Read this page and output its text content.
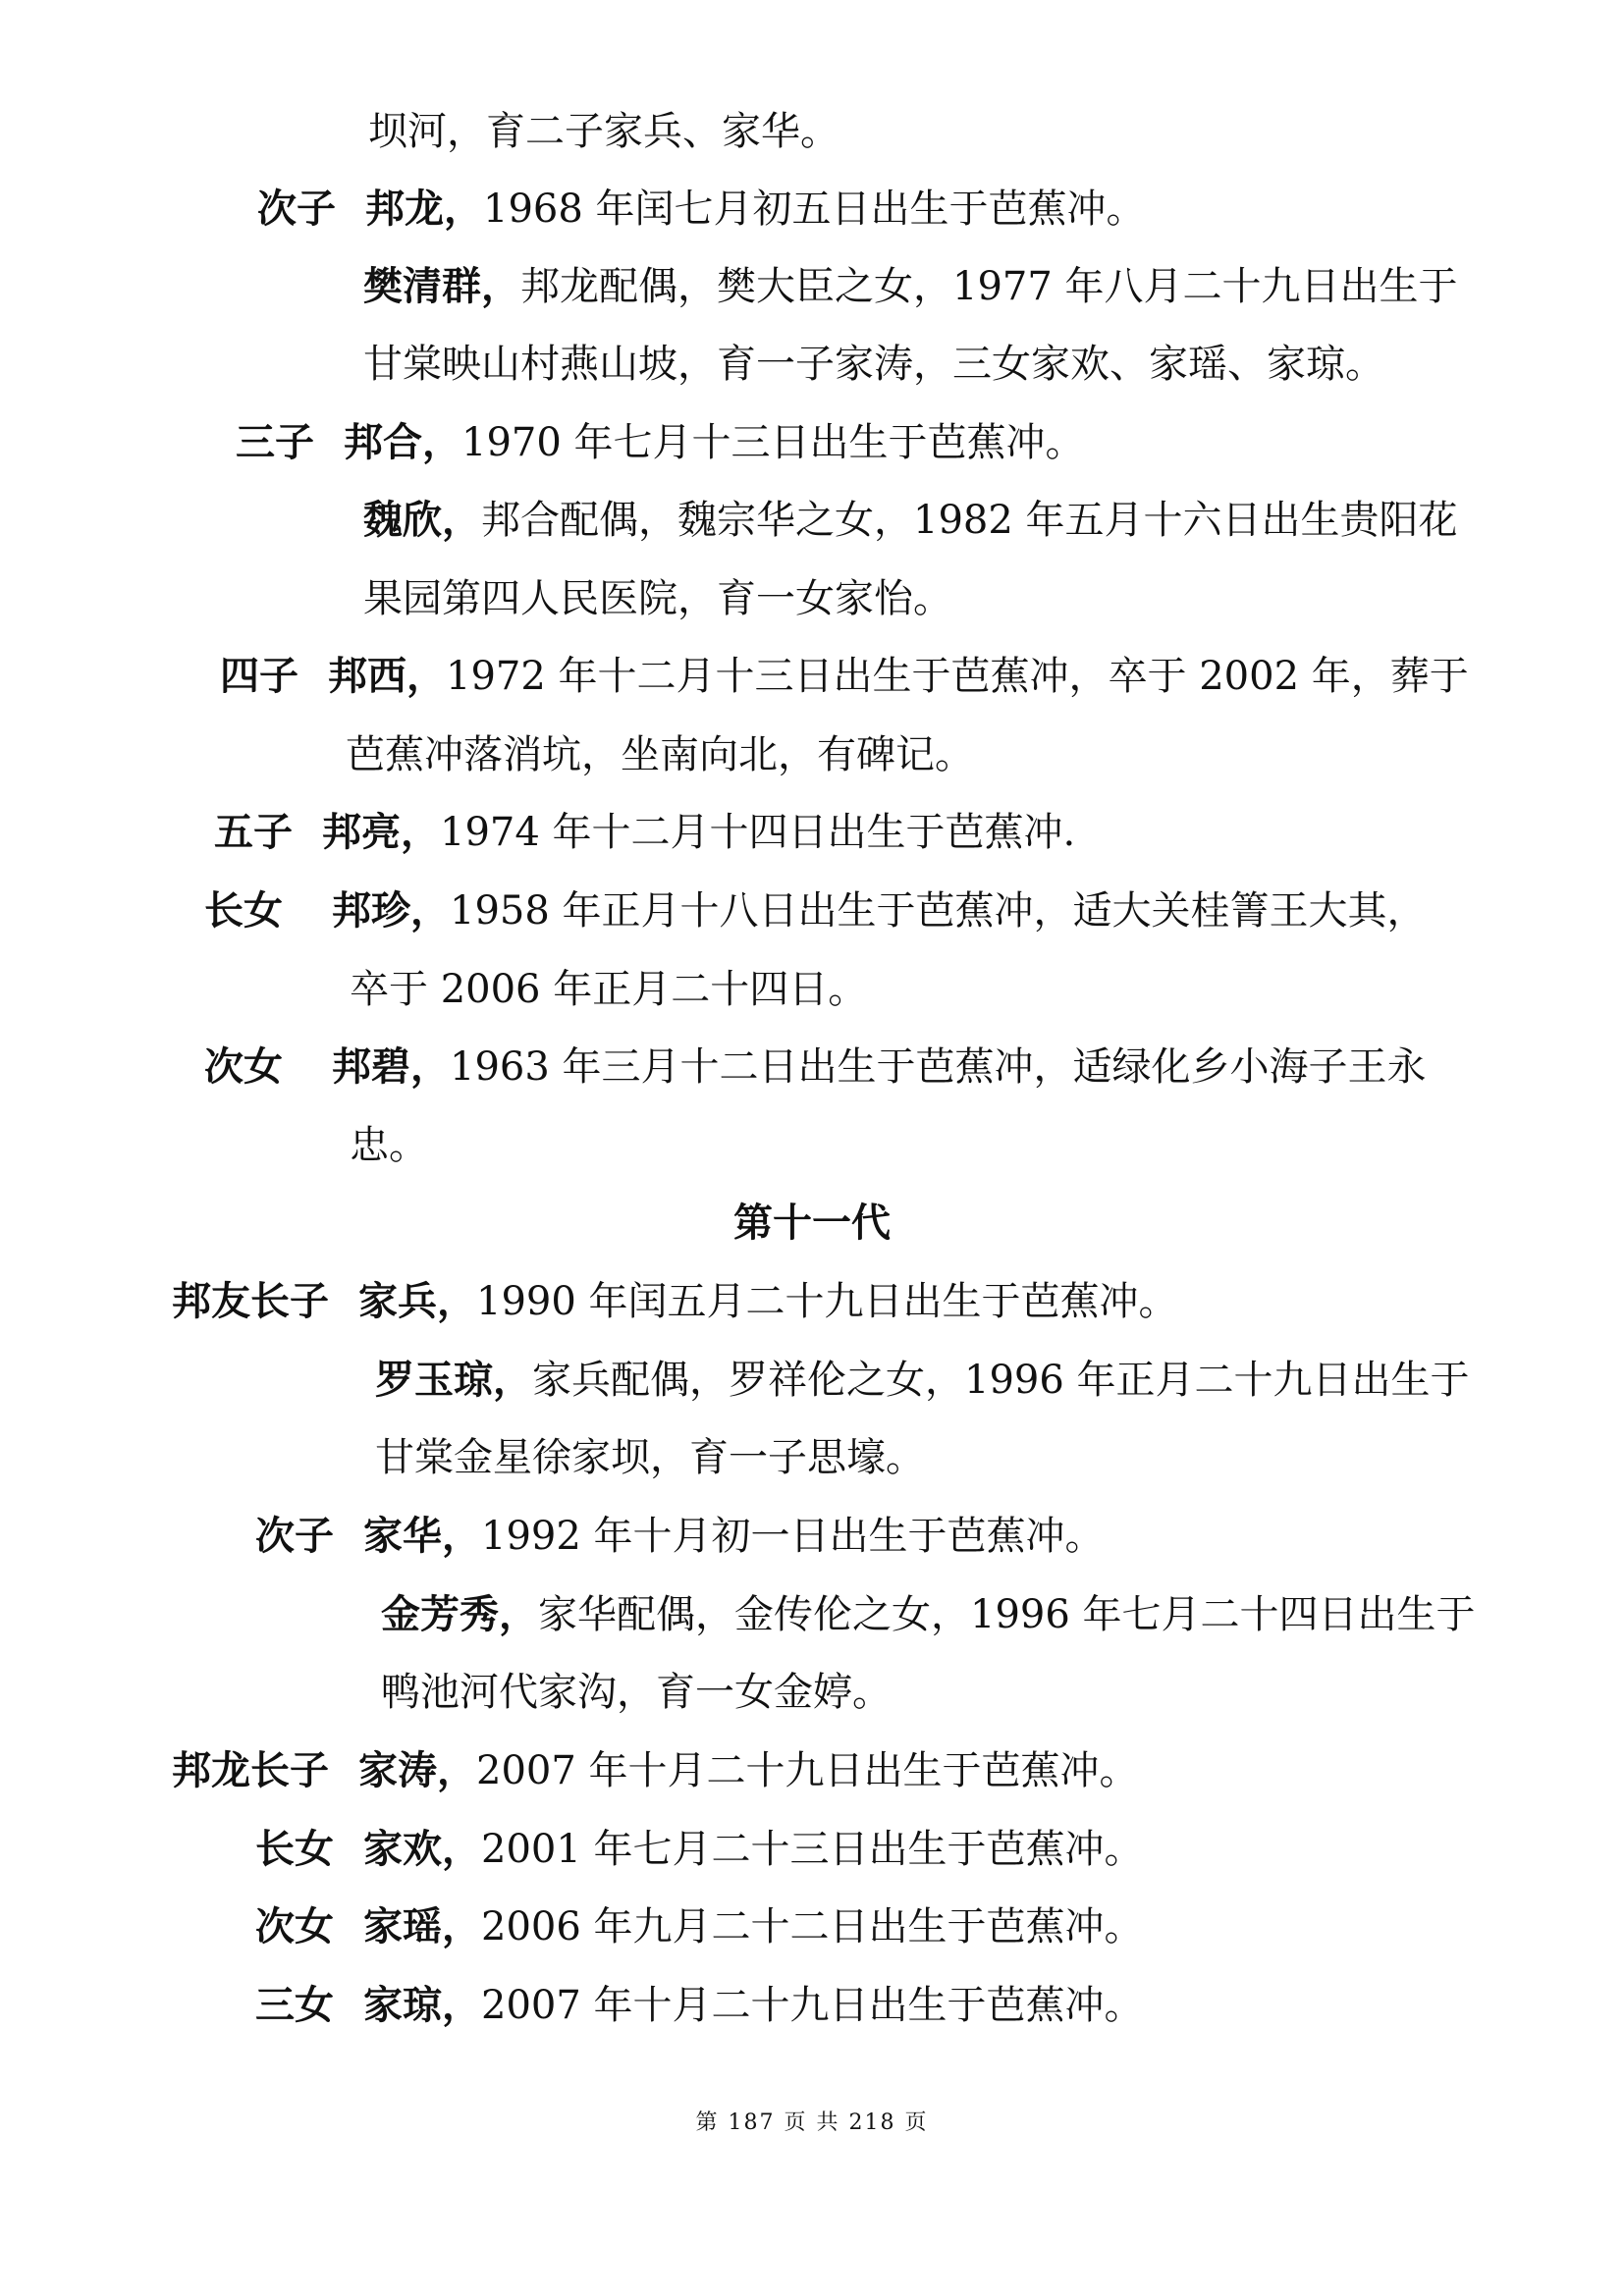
坝河，育二子家兵、家华。
次子 邦龙，1968 年闰七月初五日出生于芭蕉冲。
樊清群，邦龙配偶，樊大臣之女，1977 年八月二十九日出生于
甘棠映山村燕山坡，育一子家涛，三女家欢、家瑶、家琼。
三子 邦合，1970 年七月十三日出生于芭蕉冲。
魏欣，邦合配偶，魏宗华之女，1982 年五月十六日出生贵阳花
果园第四人民医院，育一女家怡。
四子 邦西，1972 年十二月十三日出生于芭蕉冲，卒于 2002 年，葬于
芭蕉冲落消坑，坐南向北，有碑记。
五子 邦亮，1974 年十二月十四日出生于芭蕉冲.
长女 邦珍，1958 年正月十八日出生于芭蕉冲，适大关桂箐王大其，
卒于 2006 年正月二十四日。
次女 邦碧，1963 年三月十二日出生于芭蕉冲，适绿化乡小海子王永
忠。
第十一代
邦友长子 家兵，1990 年闰五月二十九日出生于芭蕉冲。
罗玉琼，家兵配偶，罗祥伦之女，1996 年正月二十九日出生于
甘棠金星徐家坝，育一子思壕。
次子 家华，1992 年十月初一日出生于芭蕉冲。
金芳秀，家华配偶，金传伦之女，1996 年七月二十四日出生于
鸭池河代家沟，育一女金婷。
邦龙长子 家涛，2007 年十月二十九日出生于芭蕉冲。
长女 家欢，2001 年七月二十三日出生于芭蕉冲。
次女 家瑶，2006 年九月二十二日出生于芭蕉冲。
三女 家琼，2007 年十月二十九日出生于芭蕉冲。
第 187 页 共 218 页
